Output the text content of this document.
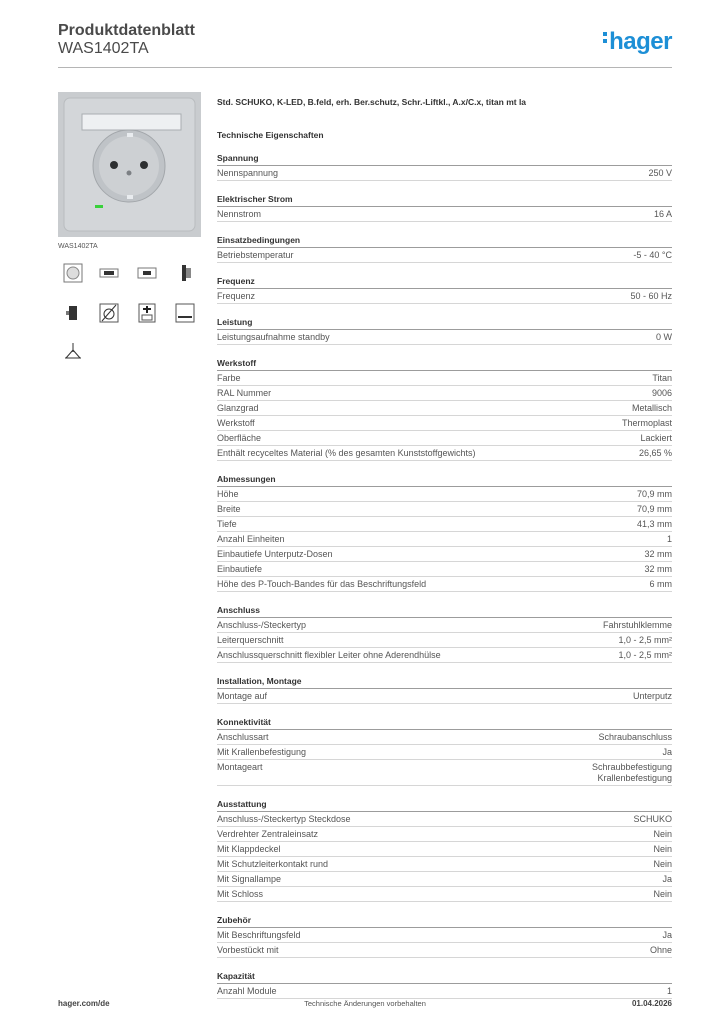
Produktdatenblatt
WAS1402TA	hager
WAS1402TA
Std. SCHUKO, K-LED, B.feld, erh. Ber.schutz, Schr.-Liftkl., A.x/C.x, titan mt la
Technische Eigenschaften
Spannung
Nennspannung	250 V
Elektrischer Strom
Nennstrom	16 A
Einsatzbedingungen
Betriebstemperatur	-5 - 40 °C
Frequenz
Frequenz	50 - 60 Hz
Leistung
Leistungsaufnahme standby	0 W
Werkstoff
Farbe	Titan
RAL Nummer	9006
Glanzgrad	Metallisch
Werkstoff	Thermoplast
Oberfläche	Lackiert
Enthält recyceltes Material (% des gesamten Kunststoffgewichts)	26,65 %
Abmessungen
Höhe	70,9 mm
Breite	70,9 mm
Tiefe	41,3 mm
Anzahl Einheiten	1
Einbautiefe Unterputz-Dosen	32 mm
Einbautiefe	32 mm
Höhe des P-Touch-Bandes für das Beschriftungsfeld	6 mm
Anschluss
Anschluss-/Steckertyp	Fahrstuhlklemme
Leiterquerschnitt	1,0 - 2,5 mm²
Anschlussquerschnitt flexibler Leiter ohne Aderendhülse	1,0 - 2,5 mm²
Installation, Montage
Montage auf	Unterputz
Konnektivität
Anschlussart	Schraubanschluss
Mit Krallenbefestigung	Ja
Montageart	Schraubbefestigung
Krallenbefestigung
Ausstattung
Anschluss-/Steckertyp Steckdose	SCHUKO
Verdrehter Zentraleinsatz	Nein
Mit Klappdeckel	Nein
Mit Schutzleiterkontakt rund	Nein
Mit Signallampe	Ja
Mit Schloss	Nein
Zubehör
Mit Beschriftungsfeld	Ja
Vorbestückt mit	Ohne
Kapazität
Anzahl Module	1
Technische Änderungen vorbehalten
hager.com/de	01.04.2026
